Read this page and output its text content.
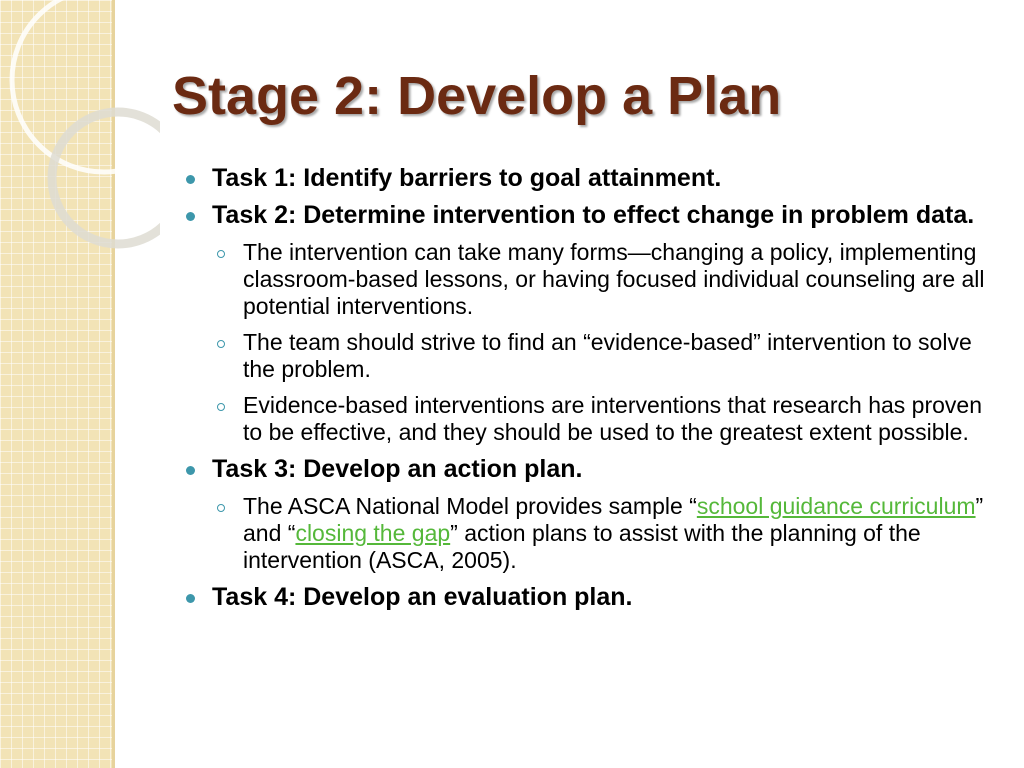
Stage 2: Develop a Plan
Task 1: Identify barriers to goal attainment.
Task 2: Determine intervention to effect change in problem data.
The intervention can take many forms—changing a policy, implementing classroom-based lessons, or having focused individual counseling are all potential interventions.
The team should strive to find an “evidence-based” intervention to solve the problem.
Evidence-based interventions are interventions that research has proven to be effective, and they should be used to the greatest extent possible.
Task 3: Develop an action plan.
The ASCA National Model provides sample “school guidance curriculum” and “closing the gap” action plans to assist with the planning of the intervention (ASCA, 2005).
Task 4: Develop an evaluation plan.
